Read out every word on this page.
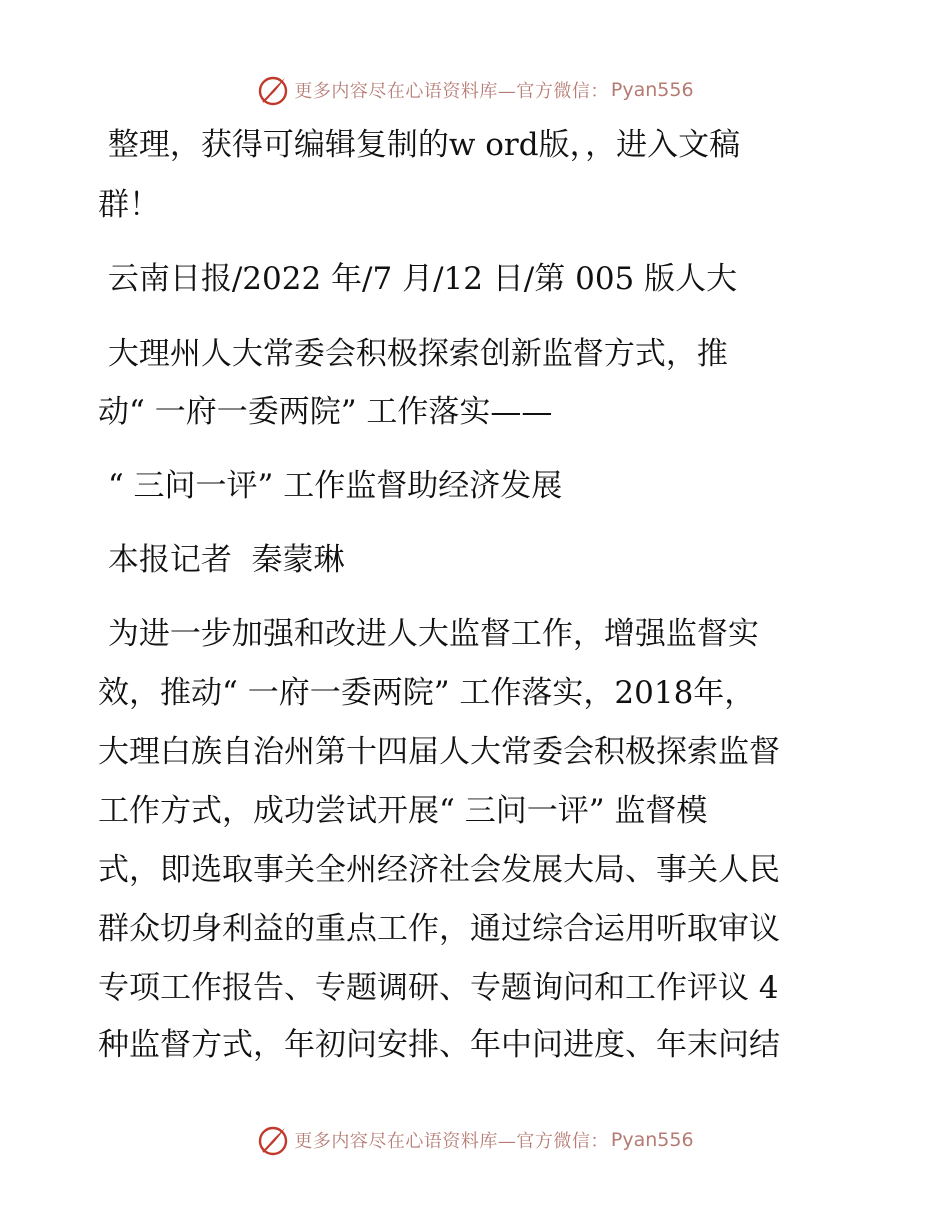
更多内容尽在心语资料库—官方微信： Pyan556

整理，获得可编辑复制的w ord版，，进入文稿

群！

云南日报/2022 年/7 月/12 日/第 005 版人大

大理州人大常委会积极探索创新监督方式，推

动“ 一府一委两院” 工作落实——

“ 三问一评” 工作监督助经济发展

本报记者  秦蒙琳

为进一步加强和改进人大监督工作，增强监督实

效，推动“ 一府一委两院” 工作落实，2018年，

大理白族自治州第十四届人大常委会积极探索监督

工作方式，成功尝试开展“ 三问一评” 监督模

式，即选取事关全州经济社会发展大局、事关人民

群众切身利益的重点工作，通过综合运用听取审议

专项工作报告、专题调研、专题询问和工作评议 4

种监督方式，年初问安排、年中问进度、年末问结

更多内容尽在心语资料库—官方微信： Pyan556
